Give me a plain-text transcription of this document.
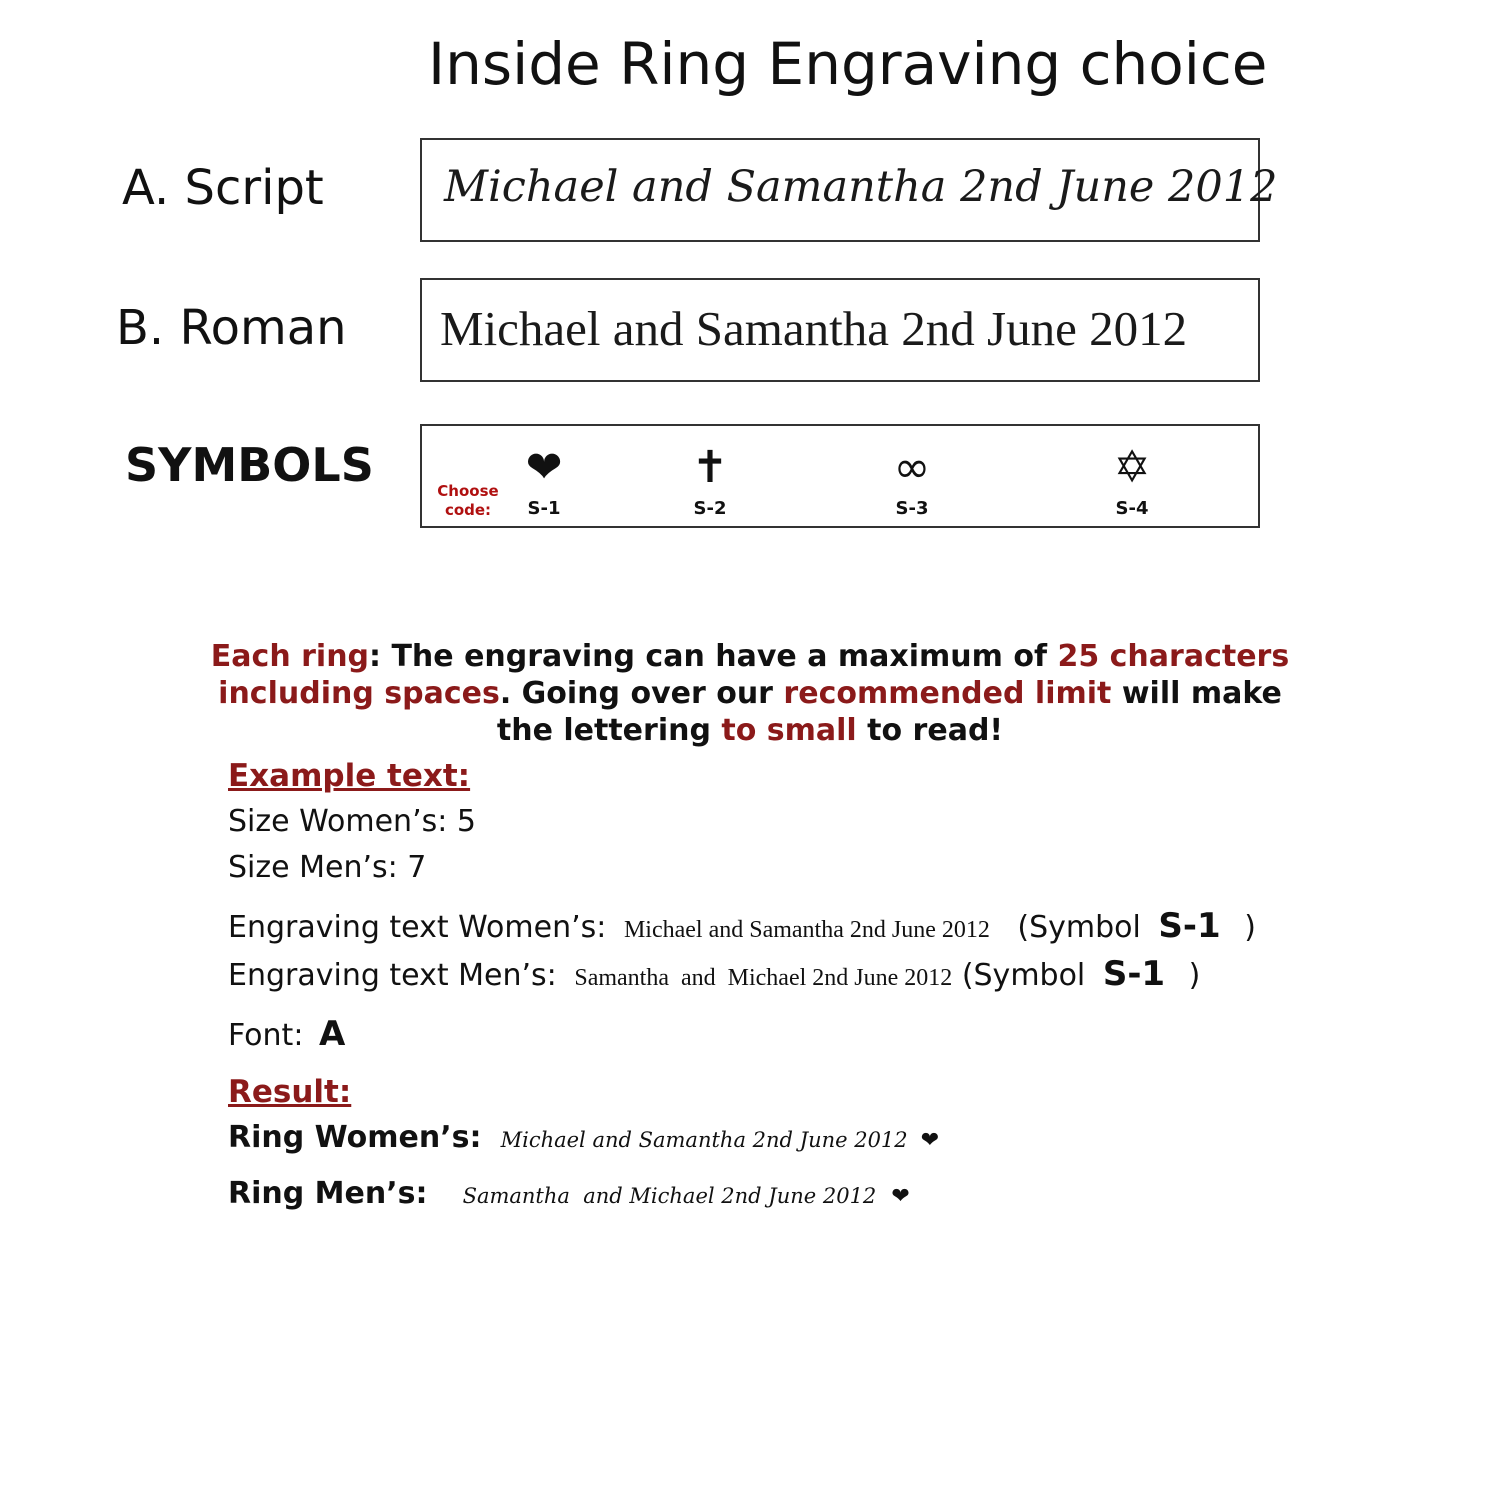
Inside Ring Engraving choice
A. Script	Michael and Samantha 2nd June 2012
B. Roman Michael and Samantha 2nd June 2012
SYMBOLS	Choose code:
❤
S-1
✝
S-2
∞
S-3
✡
S-4
Each ring: The engraving can have a maximum of 25 characters including spaces. Going over our recommended limit will make the lettering to small to read!
Example text:
Size Women’s: 5
Size Men’s: 7
Engraving text Women’s: Michael and Samantha 2nd June 2012 (Symbol S-1 )
Engraving text Men’s: Samantha  and  Michael 2nd June 2012 (Symbol S-1 )
Font: A
Result:
Ring Women’s: Michael and Samantha 2nd June 2012 ❤
Ring Men’s: Samantha  and Michael 2nd June 2012 ❤
